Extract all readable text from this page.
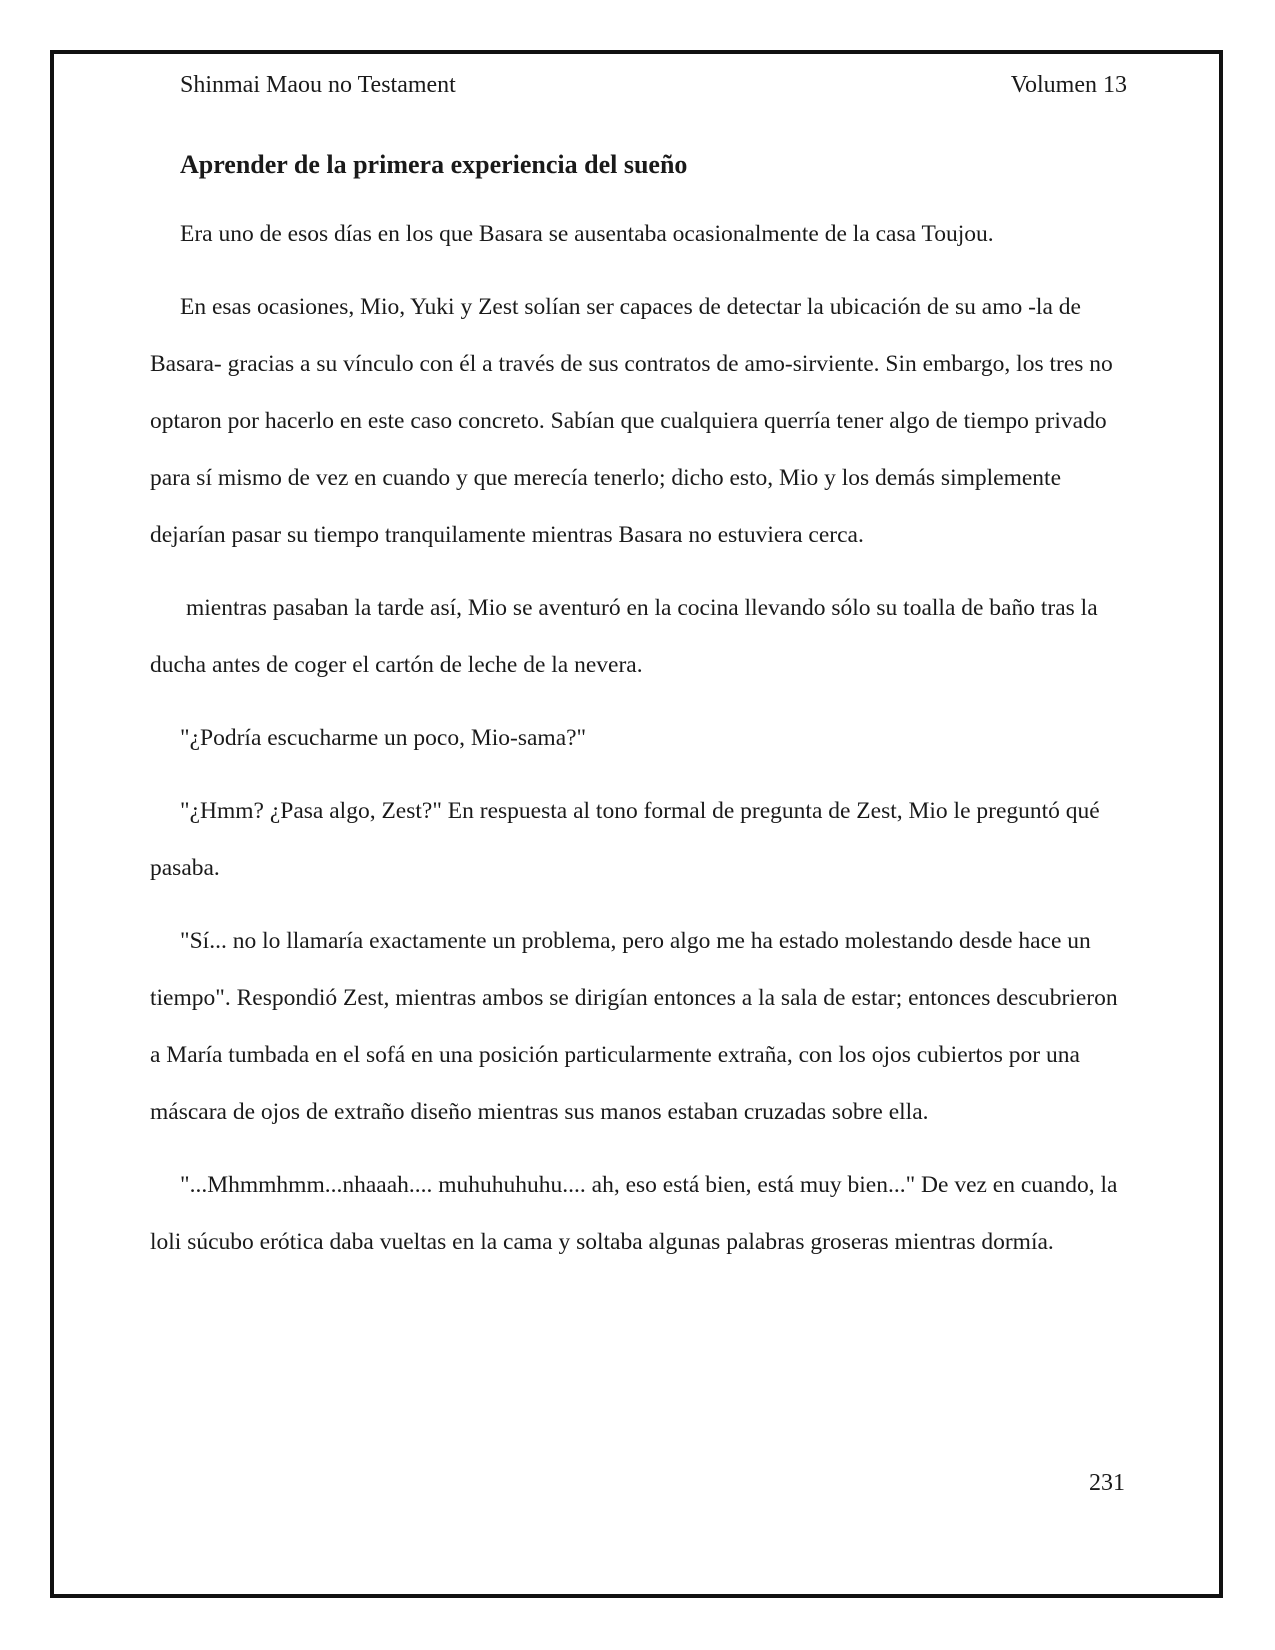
Shinmai Maou no Testament	Volumen 13
Aprender de la primera experiencia del sueño

Era uno de esos días en los que Basara se ausentaba ocasionalmente de la casa Toujou.

En esas ocasiones, Mio, Yuki y Zest solían ser capaces de detectar la ubicación de su amo -la de Basara- gracias a su vínculo con él a través de sus contratos de amo-sirviente. Sin embargo, los tres no optaron por hacerlo en este caso concreto. Sabían que cualquiera querría tener algo de tiempo privado para sí mismo de vez en cuando y que merecía tenerlo; dicho esto, Mio y los demás simplemente dejarían pasar su tiempo tranquilamente mientras Basara no estuviera cerca.

mientras pasaban la tarde así, Mio se aventuró en la cocina llevando sólo su toalla de baño tras la ducha antes de coger el cartón de leche de la nevera.

"¿Podría escucharme un poco, Mio-sama?"

"¿Hmm? ¿Pasa algo, Zest?" En respuesta al tono formal de pregunta de Zest, Mio le preguntó qué pasaba.

"Sí... no lo llamaría exactamente un problema, pero algo me ha estado molestando desde hace un tiempo". Respondió Zest, mientras ambos se dirigían entonces a la sala de estar; entonces descubrieron a María tumbada en el sofá en una posición particularmente extraña, con los ojos cubiertos por una máscara de ojos de extraño diseño mientras sus manos estaban cruzadas sobre ella.

"...Mhmmhmm...nhaaah.... muhuhuhuhu.... ah, eso está bien, está muy bien..." De vez en cuando, la loli súcubo erótica daba vueltas en la cama y soltaba algunas palabras groseras mientras dormía.

231
